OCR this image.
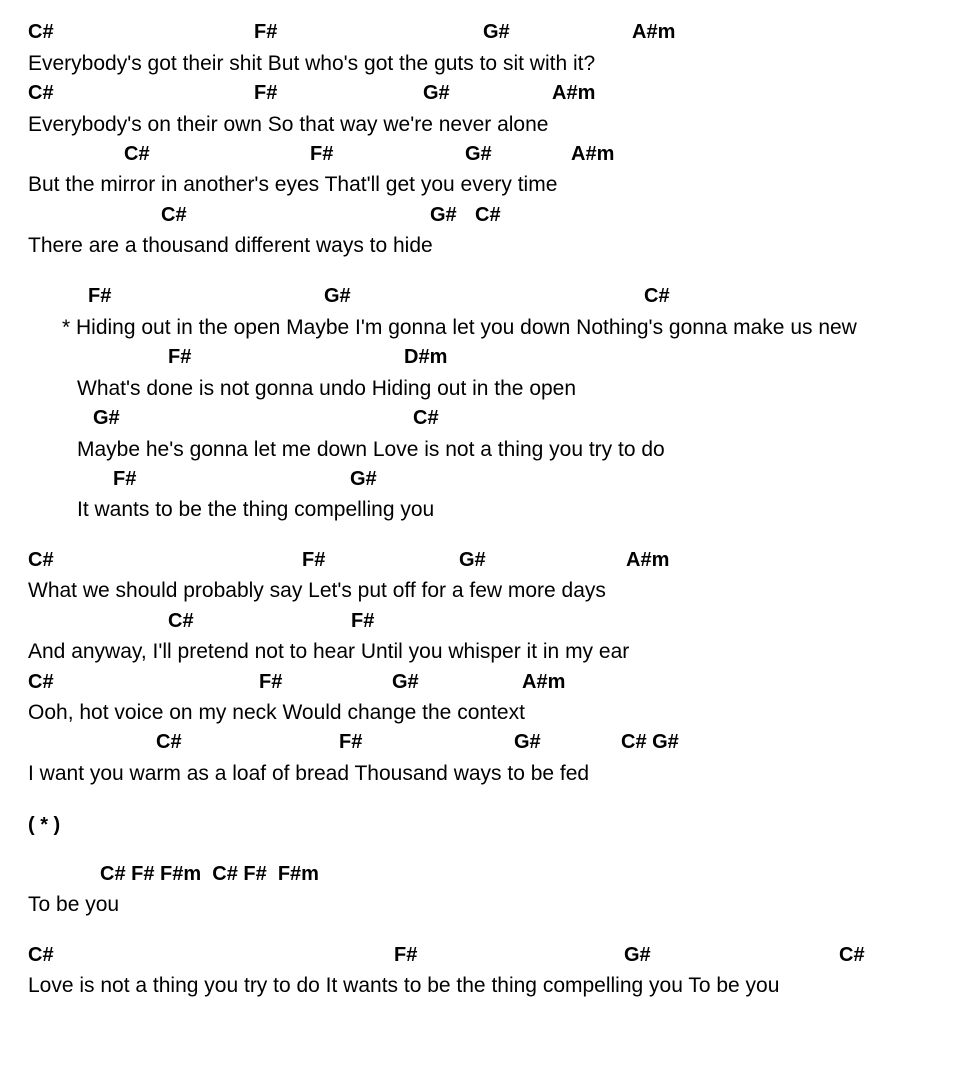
C#	F#	G#	A#m
Everybody's got their shit But who's got the guts to sit with it?
C#	F#	G#	A#m
Everybody's on their own So that way we're never alone
C#	F#	G#	A#m
But the mirror in another's eyes That'll get you every time
C#	G# C#
There are a thousand different ways to hide
F#	G#	C#
* Hiding out in the open Maybe I'm gonna let you down Nothing's gonna make us new
F#	D#m
What's done is not gonna undo Hiding out in the open
G#	C#
Maybe he's gonna let me down Love is not a thing you try to do
F#	G#
It wants to be the thing compelling you
C#	F#	G#	A#m
What we should probably say Let's put off for a few more days
C#	F#
And anyway, I'll pretend not to hear Until you whisper it in my ear
C#	F#	G#	A#m
Ooh, hot voice on my neck Would change the context
C#	F#	G#	C# G#
I want you warm as a loaf of bread Thousand ways to be fed
( * )
C# F# F#m  C# F#  F#m
To be you
C#	F#	G#	C#
Love is not a thing you try to do It wants to be the thing compelling you To be you
